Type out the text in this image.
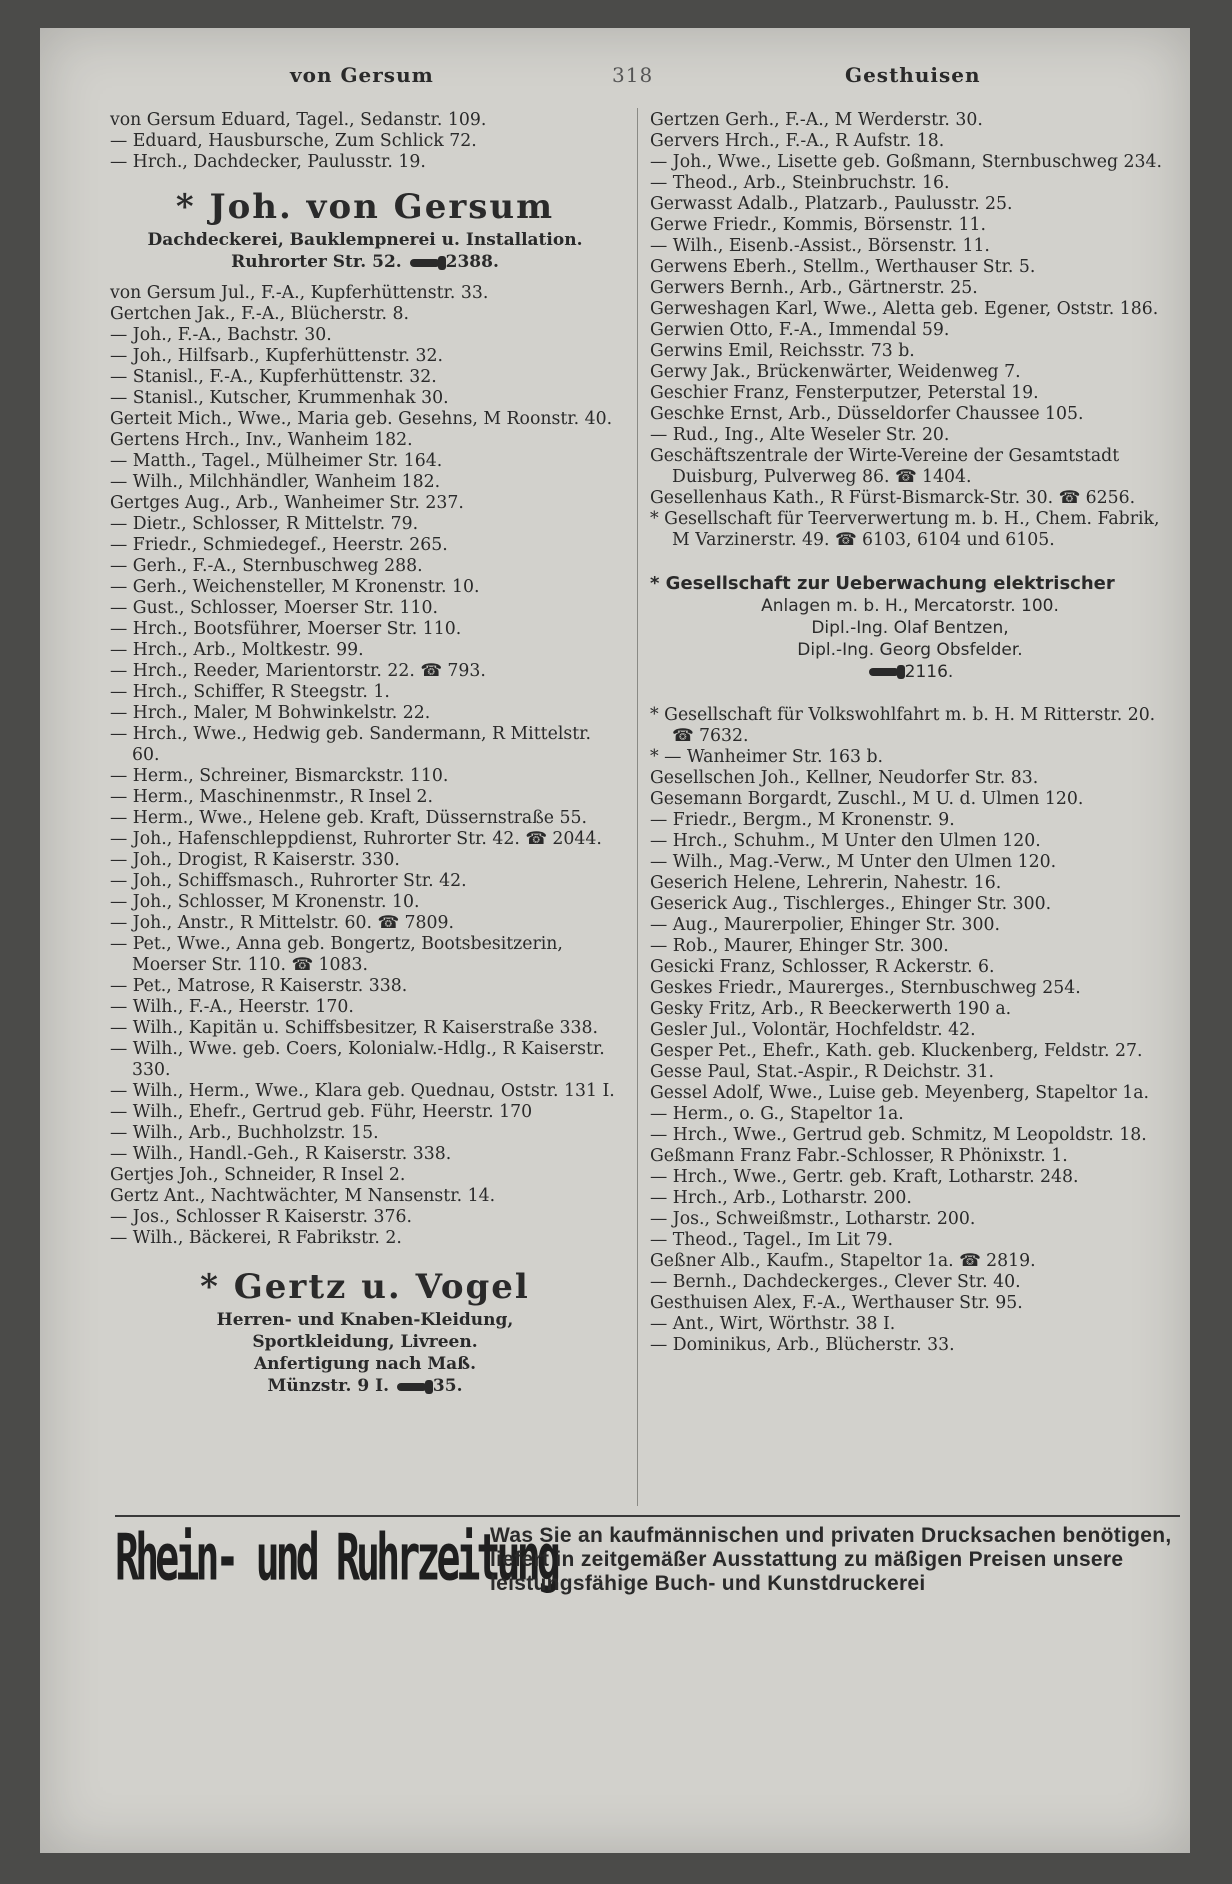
von Gersum	318	Gesthuisen
von Gersum Eduard, Tagel., Sedanstr. 109.
— Eduard, Hausbursche, Zum Schlick 72.
— Hrch., Dachdecker, Paulusstr. 19.
* Joh. von Gersum
Dachdeckerei, Bauklempnerei u. Installation.
Ruhrorter Str. 52.	2388.
von Gersum Jul., F.-A., Kupferhüttenstr. 33.
Gertchen Jak., F.-A., Blücherstr. 8.
— Joh., F.-A., Bachstr. 30.
— Joh., Hilfsarb., Kupferhüttenstr. 32.
— Stanisl., F.-A., Kupferhüttenstr. 32.
— Stanisl., Kutscher, Krummenhak 30.
Gerteit Mich., Wwe., Maria geb. Gesehns, M Roonstr. 40.
Gertens Hrch., Inv., Wanheim 182.
— Matth., Tagel., Mülheimer Str. 164.
— Wilh., Milchhändler, Wanheim 182.
Gertges Aug., Arb., Wanheimer Str. 237.
— Dietr., Schlosser, R Mittelstr. 79.
— Friedr., Schmiedegef., Heerstr. 265.
— Gerh., F.-A., Sternbuschweg 288.
— Gerh., Weichensteller, M Kronenstr. 10.
— Gust., Schlosser, Moerser Str. 110.
— Hrch., Bootsführer, Moerser Str. 110.
— Hrch., Arb., Moltkestr. 99.
— Hrch., Reeder, Marientorstr. 22. ☎ 793.
— Hrch., Schiffer, R Steegstr. 1.
— Hrch., Maler, M Bohwinkelstr. 22.
— Hrch., Wwe., Hedwig geb. Sandermann, R Mittelstr. 60.
— Herm., Schreiner, Bismarckstr. 110.
— Herm., Maschinenmstr., R Insel 2.
— Herm., Wwe., Helene geb. Kraft, Düssernstraße 55.
— Joh., Hafenschleppdienst, Ruhrorter Str. 42. ☎ 2044.
— Joh., Drogist, R Kaiserstr. 330.
— Joh., Schiffsmasch., Ruhrorter Str. 42.
— Joh., Schlosser, M Kronenstr. 10.
— Joh., Anstr., R Mittelstr. 60. ☎ 7809.
— Pet., Wwe., Anna geb. Bongertz, Bootsbesitzerin, Moerser Str. 110. ☎ 1083.
— Pet., Matrose, R Kaiserstr. 338.
— Wilh., F.-A., Heerstr. 170.
— Wilh., Kapitän u. Schiffsbesitzer, R Kaiserstraße 338.
— Wilh., Wwe. geb. Coers, Kolonialw.-Hdlg., R Kaiserstr. 330.
— Wilh., Herm., Wwe., Klara geb. Quednau, Oststr. 131 I.
— Wilh., Ehefr., Gertrud geb. Führ, Heerstr. 170
— Wilh., Arb., Buchholzstr. 15.
— Wilh., Handl.-Geh., R Kaiserstr. 338.
Gertjes Joh., Schneider, R Insel 2.
Gertz Ant., Nachtwächter, M Nansenstr. 14.
— Jos., Schlosser R Kaiserstr. 376.
— Wilh., Bäckerei, R Fabrikstr. 2.
* Gertz u. Vogel
Herren- und Knaben-Kleidung,
Sportkleidung, Livreen.
Anfertigung nach Maß.
Münzstr. 9 I.	35.
Gertzen Gerh., F.-A., M Werderstr. 30.
Gervers Hrch., F.-A., R Aufstr. 18.
— Joh., Wwe., Lisette geb. Goßmann, Sternbuschweg 234.
— Theod., Arb., Steinbruchstr. 16.
Gerwasst Adalb., Platzarb., Paulusstr. 25.
Gerwe Friedr., Kommis, Börsenstr. 11.
— Wilh., Eisenb.-Assist., Börsenstr. 11.
Gerwens Eberh., Stellm., Werthauser Str. 5.
Gerwers Bernh., Arb., Gärtnerstr. 25.
Gerweshagen Karl, Wwe., Aletta geb. Egener, Oststr. 186.
Gerwien Otto, F.-A., Immendal 59.
Gerwins Emil, Reichsstr. 73 b.
Gerwy Jak., Brückenwärter, Weidenweg 7.
Geschier Franz, Fensterputzer, Peterstal 19.
Geschke Ernst, Arb., Düsseldorfer Chaussee 105.
— Rud., Ing., Alte Weseler Str. 20.
Geschäftszentrale der Wirte-Vereine der Gesamtstadt Duisburg, Pulverweg 86. ☎ 1404.
Gesellenhaus Kath., R Fürst-Bismarck-Str. 30. ☎ 6256.
* Gesellschaft für Teerverwertung m. b. H., Chem. Fabrik, M Varzinerstr. 49. ☎ 6103, 6104 und 6105.
* Gesellschaft zur Ueberwachung elektrischer
Anlagen m. b. H., Mercatorstr. 100.
Dipl.-Ing. Olaf Bentzen,
Dipl.-Ing. Georg Obsfelder.
2116.
* Gesellschaft für Volkswohlfahrt m. b. H. M Ritterstr. 20. ☎ 7632.
* — Wanheimer Str. 163 b.
Gesellschen Joh., Kellner, Neudorfer Str. 83.
Gesemann Borgardt, Zuschl., M U. d. Ulmen 120.
— Friedr., Bergm., M Kronenstr. 9.
— Hrch., Schuhm., M Unter den Ulmen 120.
— Wilh., Mag.-Verw., M Unter den Ulmen 120.
Geserich Helene, Lehrerin, Nahestr. 16.
Geserick Aug., Tischlerges., Ehinger Str. 300.
— Aug., Maurerpolier, Ehinger Str. 300.
— Rob., Maurer, Ehinger Str. 300.
Gesicki Franz, Schlosser, R Ackerstr. 6.
Geskes Friedr., Maurerges., Sternbuschweg 254.
Gesky Fritz, Arb., R Beeckerwerth 190 a.
Gesler Jul., Volontär, Hochfeldstr. 42.
Gesper Pet., Ehefr., Kath. geb. Kluckenberg, Feldstr. 27.
Gesse Paul, Stat.-Aspir., R Deichstr. 31.
Gessel Adolf, Wwe., Luise geb. Meyenberg, Stapeltor 1a.
— Herm., o. G., Stapeltor 1a.
— Hrch., Wwe., Gertrud geb. Schmitz, M Leopoldstr. 18.
Geßmann Franz Fabr.-Schlosser, R Phönixstr. 1.
— Hrch., Wwe., Gertr. geb. Kraft, Lotharstr. 248.
— Hrch., Arb., Lotharstr. 200.
— Jos., Schweißmstr., Lotharstr. 200.
— Theod., Tagel., Im Lit 79.
Geßner Alb., Kaufm., Stapeltor 1a. ☎ 2819.
— Bernh., Dachdeckerges., Clever Str. 40.
Gesthuisen Alex, F.-A., Werthauser Str. 95.
— Ant., Wirt, Wörthstr. 38 I.
— Dominikus, Arb., Blücherstr. 33.
Rhein- und Ruhrzeitung
Was Sie an kaufmännischen und privaten Drucksachen benötigen, liefert in zeitgemäßer Ausstattung zu mäßigen Preisen unsere leistungsfähige Buch- und Kunstdruckerei
